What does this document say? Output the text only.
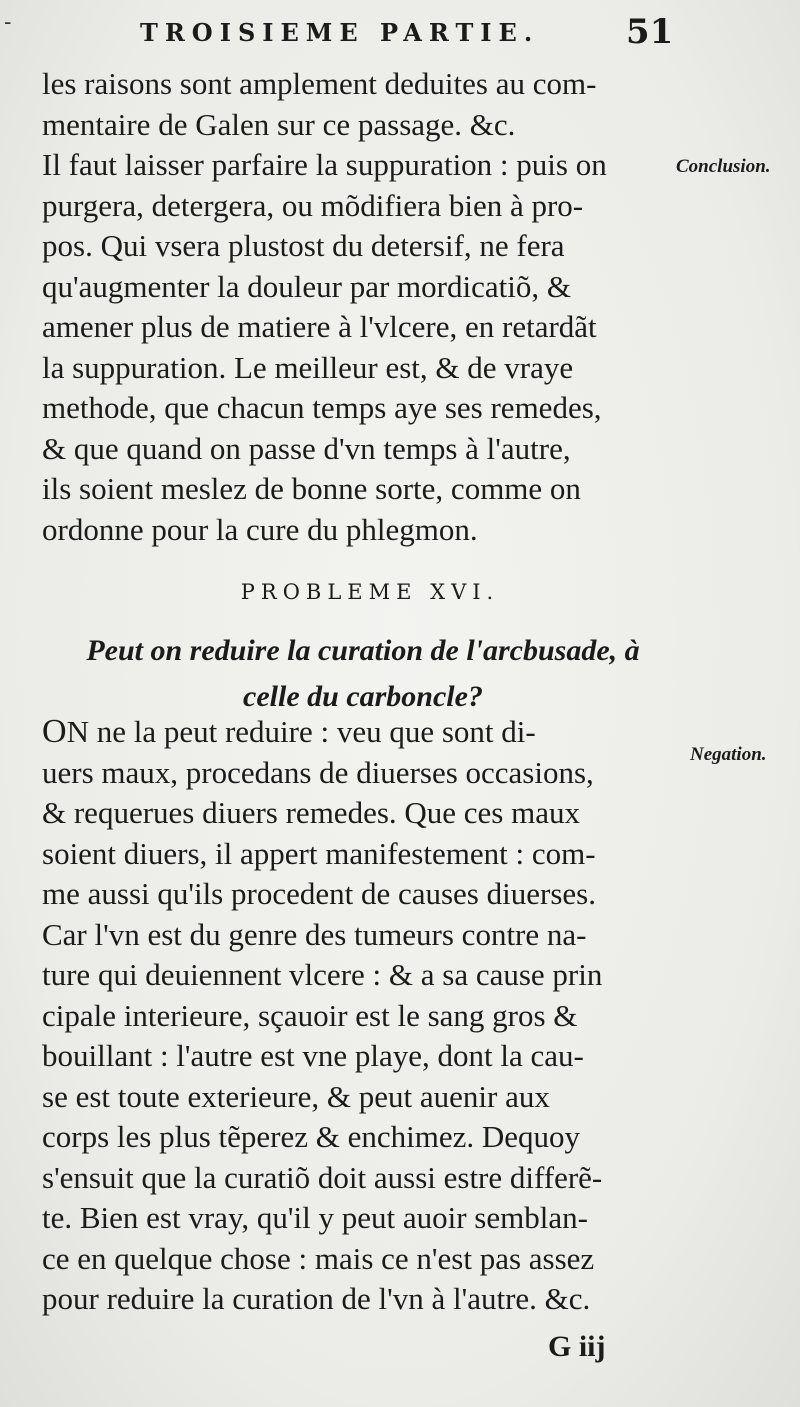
-	TROISIEME PARTIE.	51
les raisons sont amplement deduites au com-
mentaire de Galen sur ce passage. &c.
Il faut laisser parfaire la suppuration : puis on
purgera, detergera, ou mõdifiera bien à pro-
pos. Qui vsera plustost du detersif, ne fera
qu'augmenter la douleur par mordicatiõ, &
amener plus de matiere à l'vlcere, en retardãt
la suppuration. Le meilleur est, & de vraye
methode, que chacun temps aye ses remedes,
& que quand on passe d'vn temps à l'autre,
ils soient meslez de bonne sorte, comme on
ordonne pour la cure du phlegmon.
Conclusion.
PROBLEME XVI.
Peut on reduire la curation de l'arcbusade, à
celle du carboncle?
Negation.
ON ne la peut reduire : veu que sont di-
uers maux, procedans de diuerses occasions,
& requerues diuers remedes. Que ces maux
soient diuers, il appert manifestement : com-
me aussi qu'ils procedent de causes diuerses.
Car l'vn est du genre des tumeurs contre na-
ture qui deuiennent vlcere : & a sa cause prin
cipale interieure, sçauoir est le sang gros &
bouillant : l'autre est vne playe, dont la cau-
se est toute exterieure, & peut auenir aux
corps les plus tẽperez & enchimez. Dequoy
s'ensuit que la curatiõ doit aussi estre differẽ-
te. Bien est vray, qu'il y peut auoir semblan-
ce en quelque chose : mais ce n'est pas assez
pour reduire la curation de l'vn à l'autre. &c.
G iij
